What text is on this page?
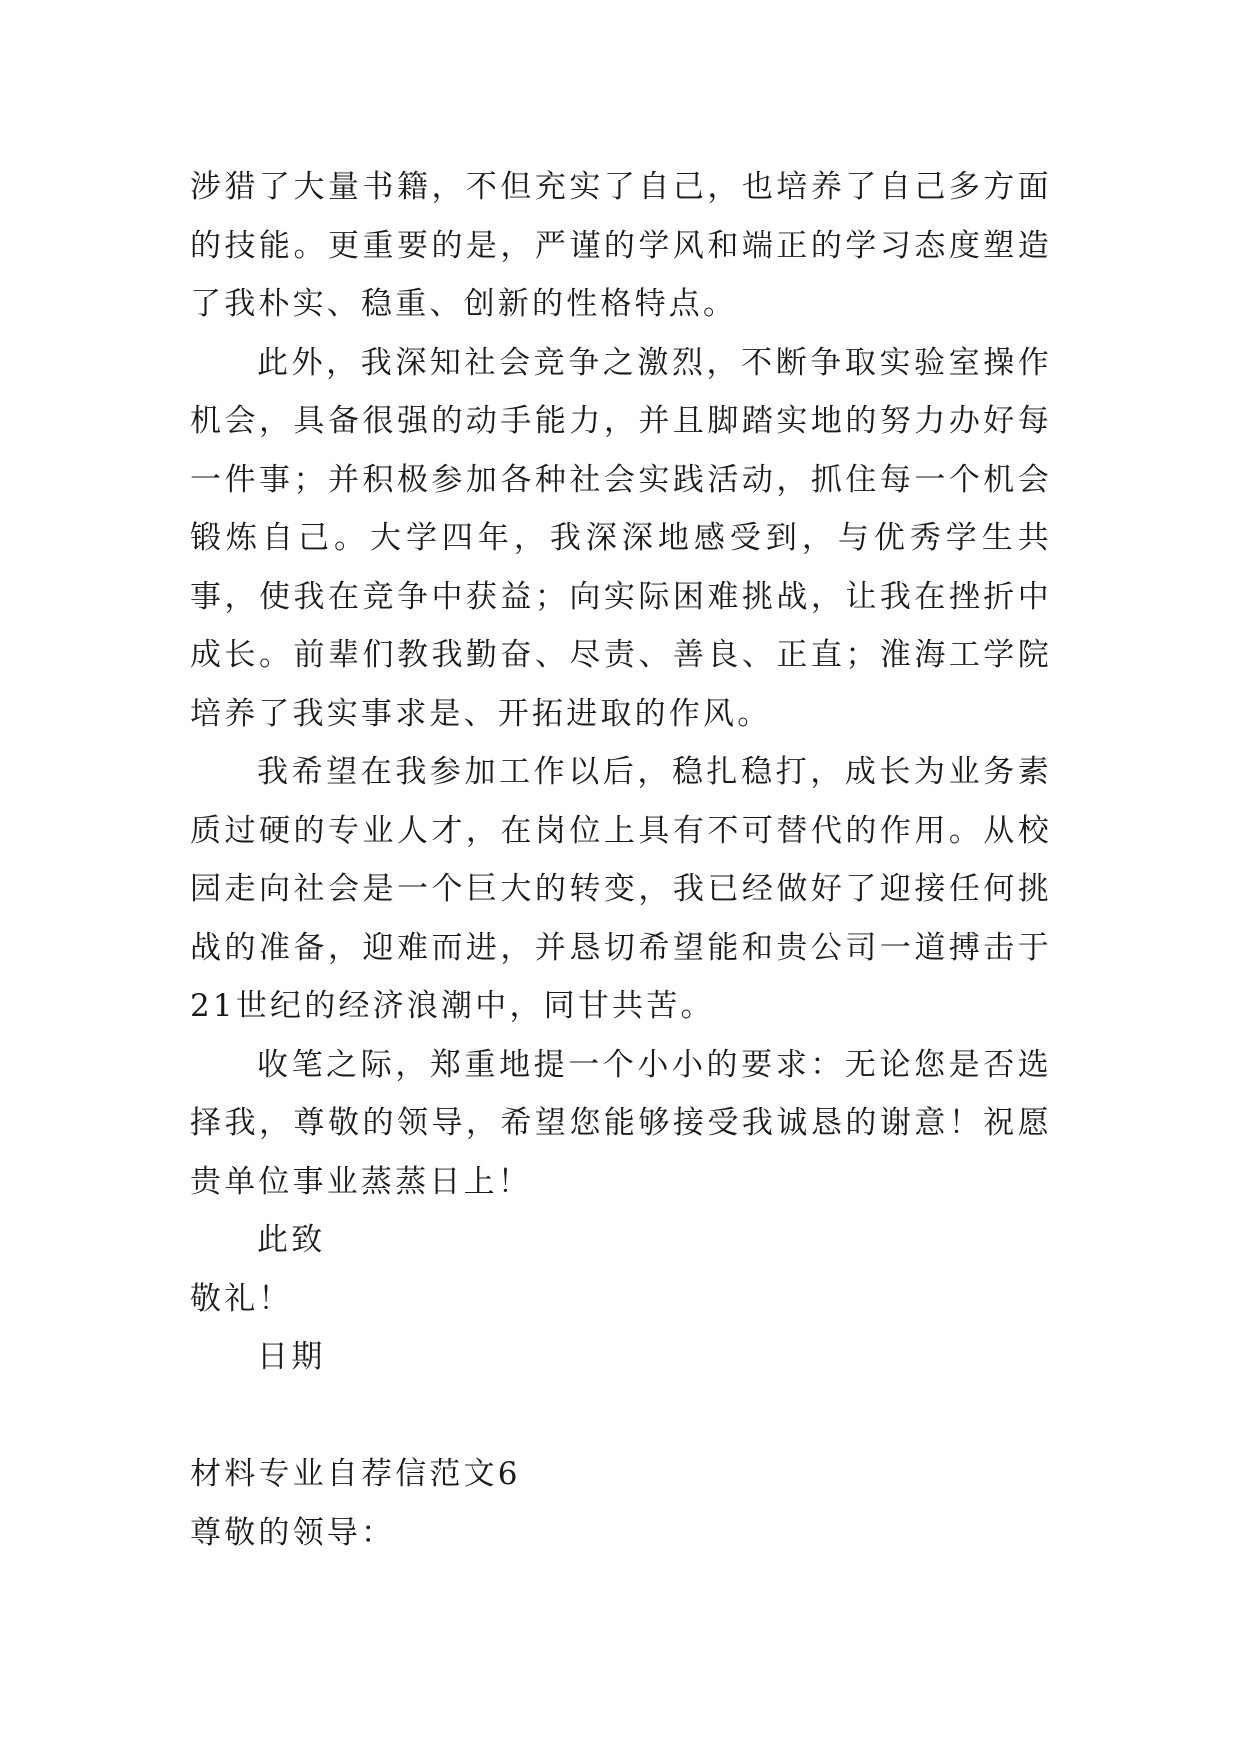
涉猎了大量书籍，不但充实了自己，也培养了自己多方面的技能。更重要的是，严谨的学风和端正的学习态度塑造了我朴实、稳重、创新的性格特点。

此外，我深知社会竞争之激烈，不断争取实验室操作机会，具备很强的动手能力，并且脚踏实地的努力办好每一件事；并积极参加各种社会实践活动，抓住每一个机会锻炼自己。大学四年，我深深地感受到，与优秀学生共事，使我在竞争中获益；向实际困难挑战，让我在挫折中成长。前辈们教我勤奋、尽责、善良、正直；淮海工学院培养了我实事求是、开拓进取的作风。

我希望在我参加工作以后，稳扎稳打，成长为业务素质过硬的专业人才，在岗位上具有不可替代的作用。从校园走向社会是一个巨大的转变，我已经做好了迎接任何挑战的准备，迎难而进，并恳切希望能和贵公司一道搏击于21世纪的经济浪潮中，同甘共苦。

收笔之际，郑重地提一个小小的要求：无论您是否选择我，尊敬的领导，希望您能够接受我诚恳的谢意！祝愿贵单位事业蒸蒸日上！

此致

敬礼！

日期

材料专业自荐信范文6

尊敬的领导：
